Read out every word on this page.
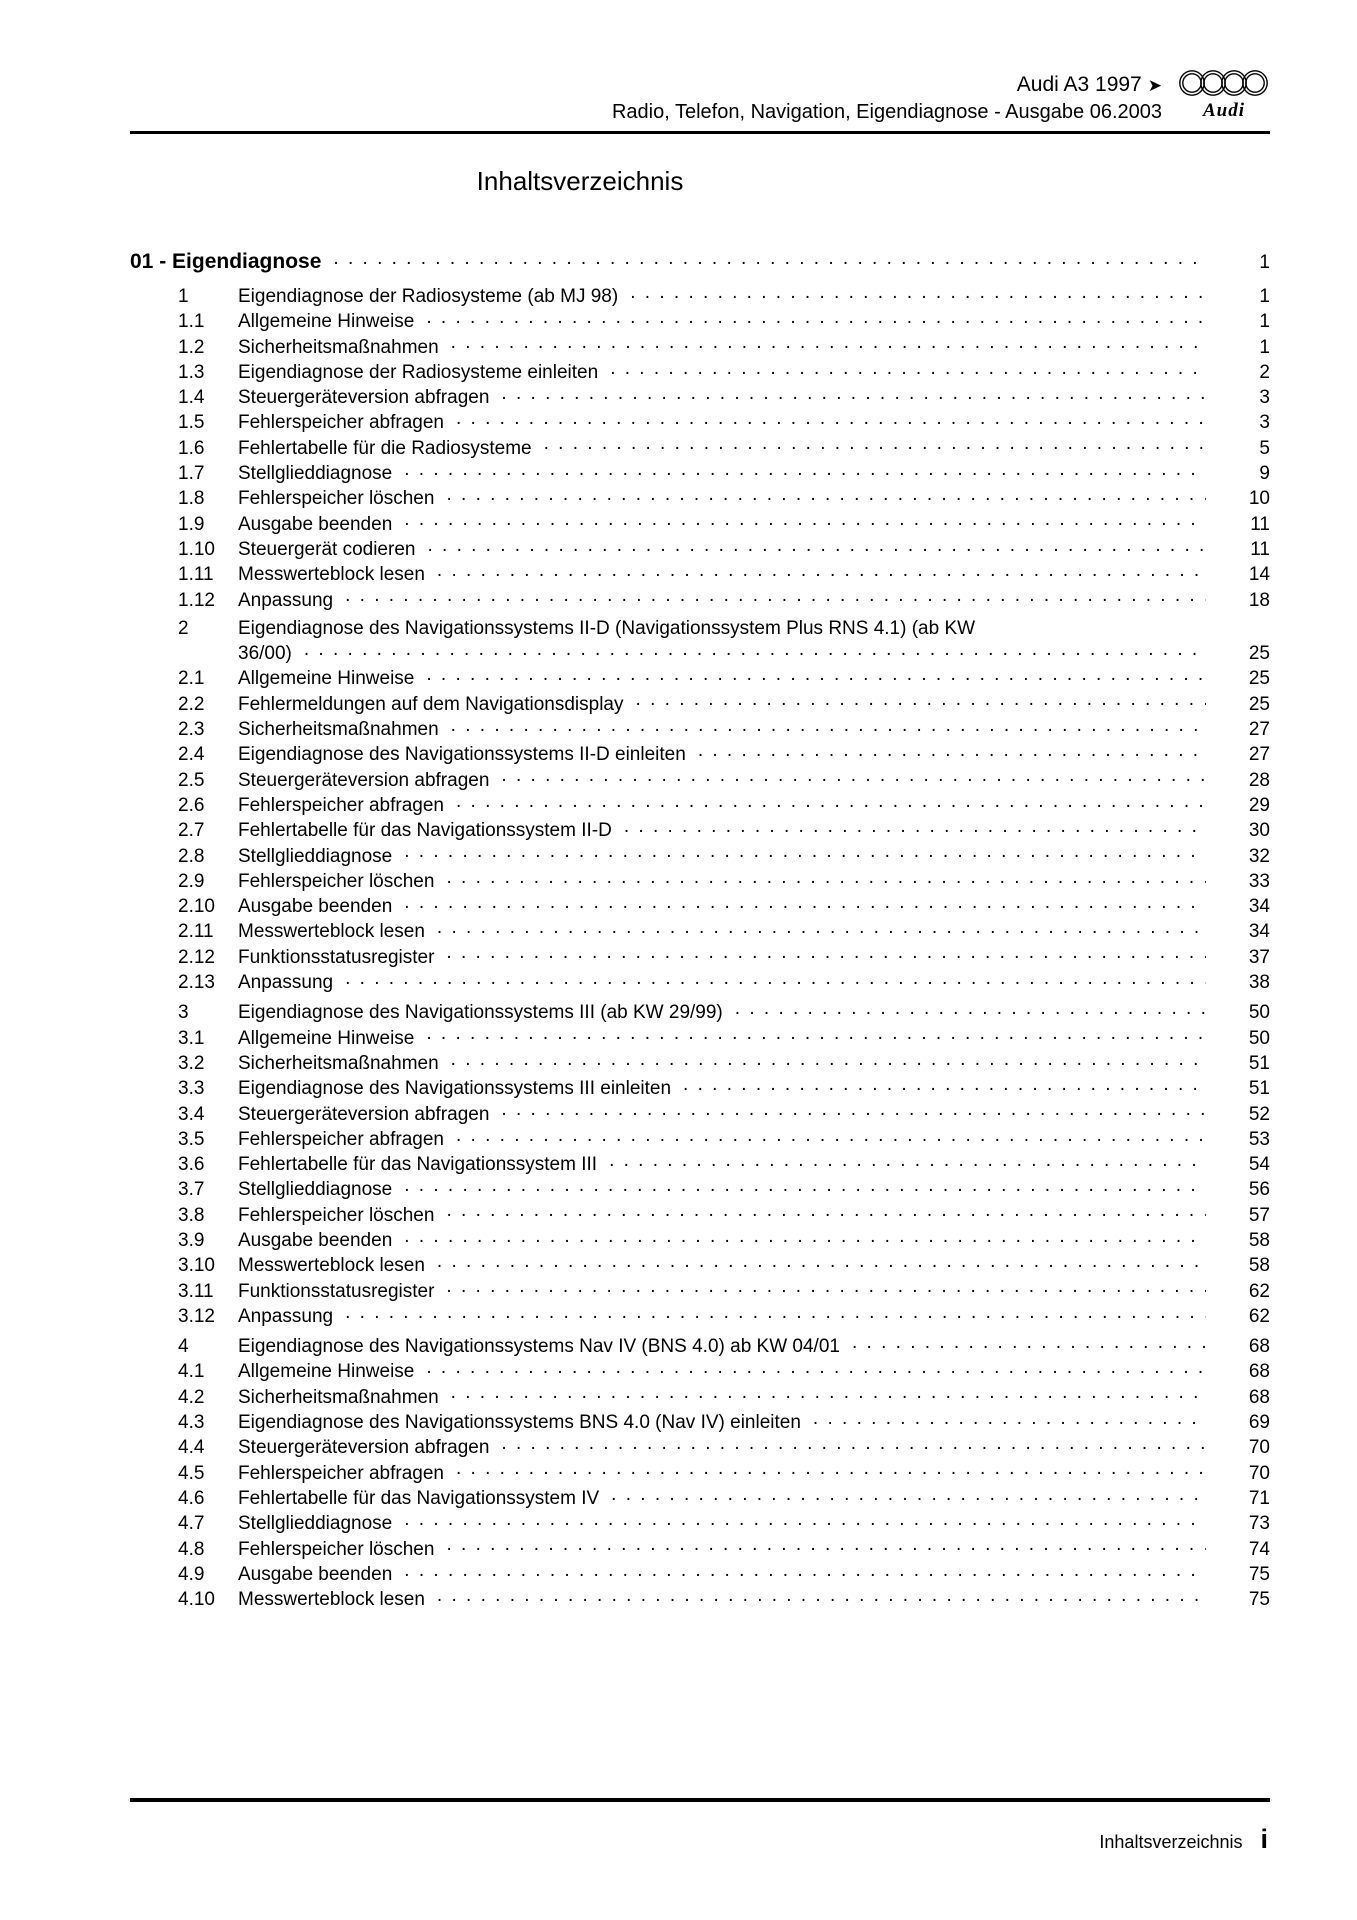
Audi A3 1997 ➤
Radio, Telefon, Navigation, Eigendiagnose - Ausgabe 06.2003	Audi
Inhaltsverzeichnis
01 - Eigendiagnose . . .	1
1	Eigendiagnose der Radiosysteme (ab MJ 98) . . .	1
1.1	Allgemeine Hinweise . . .	1
1.2	Sicherheitsmaßnahmen . . .	1
1.3	Eigendiagnose der Radiosysteme einleiten . . .	2
1.4	Steuergeräteversion abfragen . . .	3
1.5	Fehlerspeicher abfragen . . .	3
1.6	Fehlertabelle für die Radiosysteme . . .	5
1.7	Stellglieddiagnose . . .	9
1.8	Fehlerspeicher löschen . . .	10
1.9	Ausgabe beenden . . .	11
1.10	Steuergerät codieren . . .	11
1.11	Messwerteblock lesen . . .	14
1.12	Anpassung . . .	18
2	Eigendiagnose des Navigationssystems II-D (Navigationssystem Plus RNS 4.1) (ab KW
36/00) . . .	25
2.1	Allgemeine Hinweise . . .	25
2.2	Fehlermeldungen auf dem Navigationsdisplay . . .	25
2.3	Sicherheitsmaßnahmen . . .	27
2.4	Eigendiagnose des Navigationssystems II-D einleiten . . .	27
2.5	Steuergeräteversion abfragen . . .	28
2.6	Fehlerspeicher abfragen . . .	29
2.7	Fehlertabelle für das Navigationssystem II-D . . .	30
2.8	Stellglieddiagnose . . .	32
2.9	Fehlerspeicher löschen . . .	33
2.10	Ausgabe beenden . . .	34
2.11	Messwerteblock lesen . . .	34
2.12	Funktionsstatusregister . . .	37
2.13	Anpassung . . .	38
3	Eigendiagnose des Navigationssystems III (ab KW 29/99) . . .	50
3.1	Allgemeine Hinweise . . .	50
3.2	Sicherheitsmaßnahmen . . .	51
3.3	Eigendiagnose des Navigationssystems III einleiten . . .	51
3.4	Steuergeräteversion abfragen . . .	52
3.5	Fehlerspeicher abfragen . . .	53
3.6	Fehlertabelle für das Navigationssystem III . . .	54
3.7	Stellglieddiagnose . . .	56
3.8	Fehlerspeicher löschen . . .	57
3.9	Ausgabe beenden . . .	58
3.10	Messwerteblock lesen . . .	58
3.11	Funktionsstatusregister . . .	62
3.12	Anpassung . . .	62
4	Eigendiagnose des Navigationssystems Nav IV (BNS 4.0) ab KW 04/01 . . .	68
4.1	Allgemeine Hinweise . . .	68
4.2	Sicherheitsmaßnahmen . . .	68
4.3	Eigendiagnose des Navigationssystems BNS 4.0 (Nav IV) einleiten . . .	69
4.4	Steuergeräteversion abfragen . . .	70
4.5	Fehlerspeicher abfragen . . .	70
4.6	Fehlertabelle für das Navigationssystem IV . . .	71
4.7	Stellglieddiagnose . . .	73
4.8	Fehlerspeicher löschen . . .	74
4.9	Ausgabe beenden . . .	75
4.10	Messwerteblock lesen . . .	75
Inhaltsverzeichnis i
